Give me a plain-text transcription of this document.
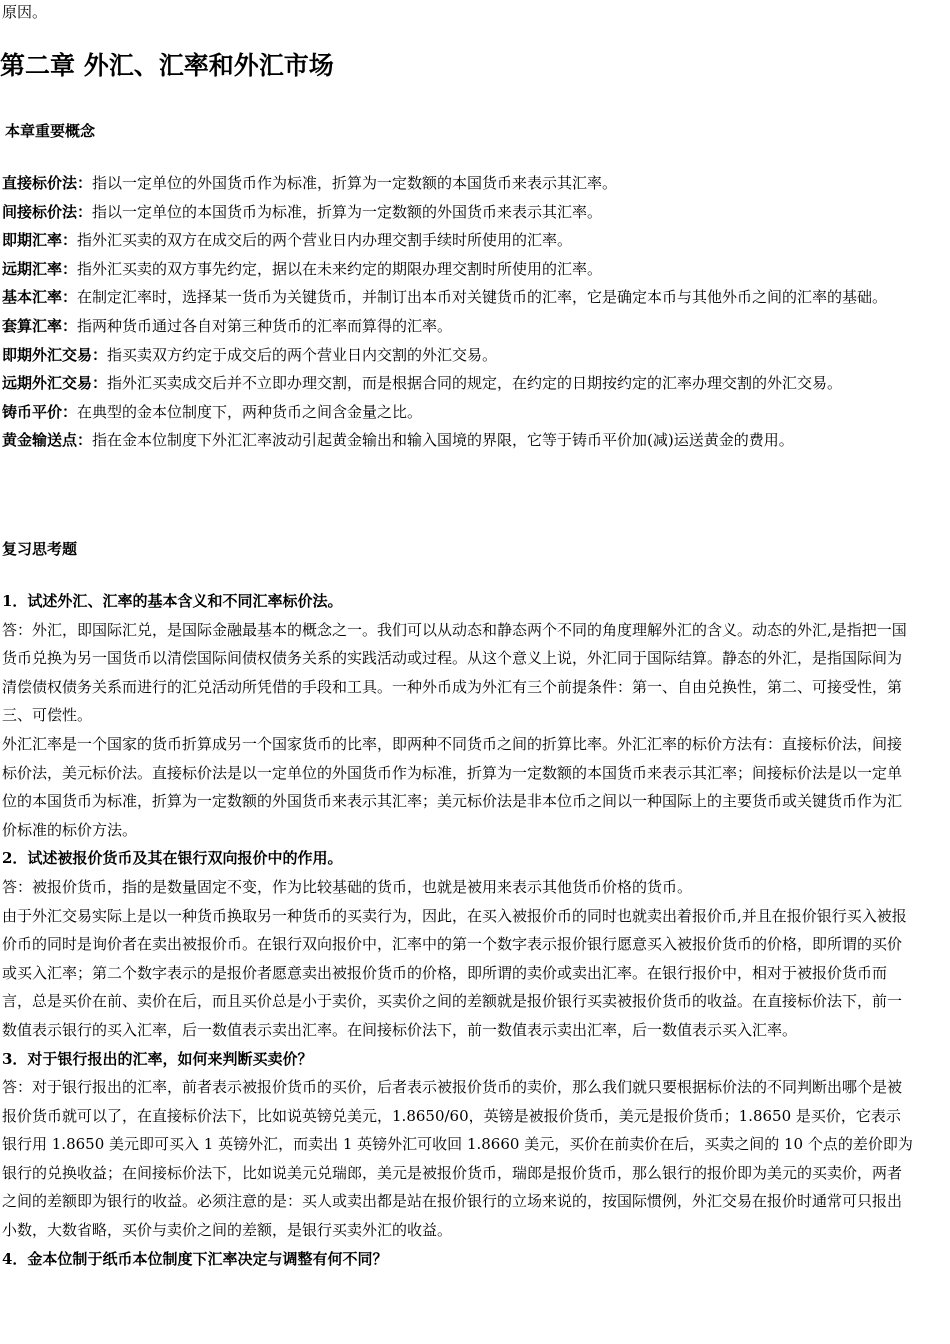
原因。
第二章 外汇、汇率和外汇市场
本章重要概念

直接标价法：指以一定单位的外国货币作为标准，折算为一定数额的本国货币来表示其汇率。

间接标价法：指以一定单位的本国货币为标准，折算为一定数额的外国货币来表示其汇率。

即期汇率：指外汇买卖的双方在成交后的两个营业日内办理交割手续时所使用的汇率。

远期汇率：指外汇买卖的双方事先约定，据以在未来约定的期限办理交割时所使用的汇率。

基本汇率：在制定汇率时，选择某一货币为关键货币，并制订出本币对关键货币的汇率，它是确定本币与其他外币之间的汇率的基础。

套算汇率：指两种货币通过各自对第三种货币的汇率而算得的汇率。

即期外汇交易：指买卖双方约定于成交后的两个营业日内交割的外汇交易。

远期外汇交易：指外汇买卖成交后并不立即办理交割，而是根据合同的规定，在约定的日期按约定的汇率办理交割的外汇交易。

铸币平价：在典型的金本位制度下，两种货币之间含金量之比。

黄金输送点：指在金本位制度下外汇汇率波动引起黄金输出和输入国境的界限，它等于铸币平价加(减)运送黄金的费用。

复习思考题

1．试述外汇、汇率的基本含义和不同汇率标价法。

答：外汇，即国际汇兑，是国际金融最基本的概念之一。我们可以从动态和静态两个不同的角度理解外汇的含义。动态的外汇,是指把一国货币兑换为另一国货币以清偿国际间债权债务关系的实践活动或过程。从这个意义上说，外汇同于国际结算。静态的外汇，是指国际间为清偿债权债务关系而进行的汇兑活动所凭借的手段和工具。一种外币成为外汇有三个前提条件：第一、自由兑换性，第二、可接受性，第三、可偿性。

外汇汇率是一个国家的货币折算成另一个国家货币的比率，即两种不同货币之间的折算比率。外汇汇率的标价方法有：直接标价法，间接标价法，美元标价法。直接标价法是以一定单位的外国货币作为标准，折算为一定数额的本国货币来表示其汇率；间接标价法是以一定单位的本国货币为标准，折算为一定数额的外国货币来表示其汇率；美元标价法是非本位币之间以一种国际上的主要货币或关键货币作为汇价标准的标价方法。

2．试述被报价货币及其在银行双向报价中的作用。

答：被报价货币，指的是数量固定不变，作为比较基础的货币，也就是被用来表示其他货币价格的货币。

由于外汇交易实际上是以一种货币换取另一种货币的买卖行为，因此，在买入被报价币的同时也就卖出着报价币,并且在报价银行买入被报价币的同时是询价者在卖出被报价币。在银行双向报价中，汇率中的第一个数字表示报价银行愿意买入被报价货币的价格，即所谓的买价或买入汇率；第二个数字表示的是报价者愿意卖出被报价货币的价格，即所谓的卖价或卖出汇率。在银行报价中，相对于被报价货币而言，总是买价在前、卖价在后，而且买价总是小于卖价，买卖价之间的差额就是报价银行买卖被报价货币的收益。在直接标价法下，前一数值表示银行的买入汇率，后一数值表示卖出汇率。在间接标价法下，前一数值表示卖出汇率，后一数值表示买入汇率。

3．对于银行报出的汇率，如何来判断买卖价？

答：对于银行报出的汇率，前者表示被报价货币的买价，后者表示被报价货币的卖价，那么我们就只要根据标价法的不同判断出哪个是被报价货币就可以了，在直接标价法下，比如说英镑兑美元，1.8650/60，英镑是被报价货币，美元是报价货币；1.8650 是买价，它表示银行用 1.8650 美元即可买入 1 英镑外汇，而卖出 1 英镑外汇可收回 1.8660 美元，买价在前卖价在后，买卖之间的 10 个点的差价即为银行的兑换收益；在间接标价法下，比如说美元兑瑞郎，美元是被报价货币，瑞郎是报价货币，那么银行的报价即为美元的买卖价，两者之间的差额即为银行的收益。必须注意的是：买人或卖出都是站在报价银行的立场来说的，按国际惯例，外汇交易在报价时通常可只报出小数，大数省略，买价与卖价之间的差额，是银行买卖外汇的收益。

4．金本位制于纸币本位制度下汇率决定与调整有何不同？
